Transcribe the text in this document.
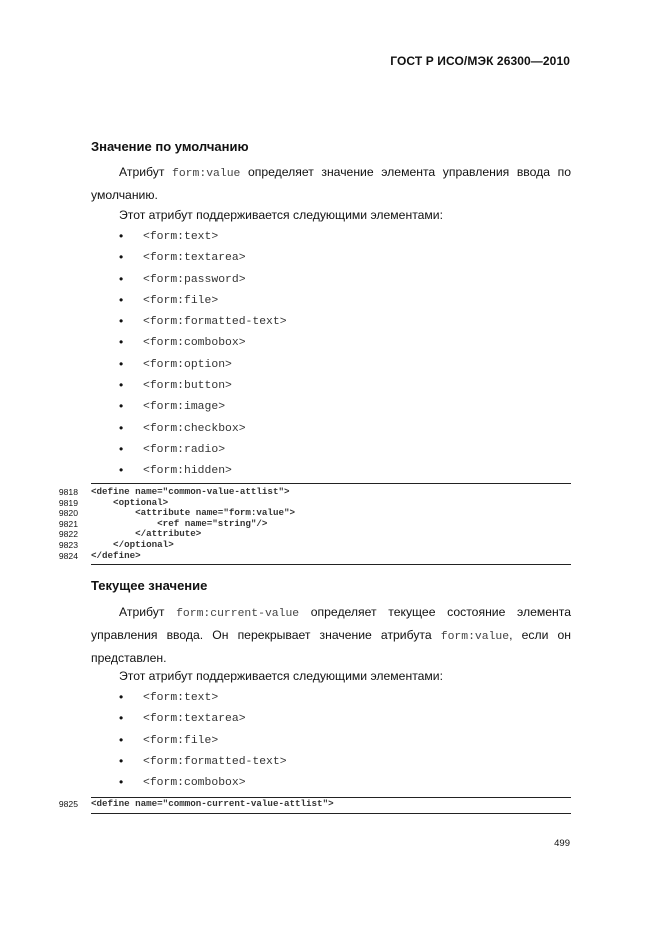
ГОСТ Р ИСО/МЭК 26300—2010
Значение по умолчанию
Атрибут form:value определяет значение элемента управления ввода по умолчанию.
Этот атрибут поддерживается следующими элементами:
• <form:text>
• <form:textarea>
• <form:password>
• <form:file>
• <form:formatted-text>
• <form:combobox>
• <form:option>
• <form:button>
• <form:image>
• <form:checkbox>
• <form:radio>
• <form:hidden>
9818 <define name="common-value-attlist">
9819 <optional>
9820 <attribute name="form:value">
9821 <ref name="string"/>
9822 </attribute>
9823 </optional>
9824 </define>
Текущее значение
Атрибут form:current-value определяет текущее состояние элемента управления ввода. Он перекрывает значение атрибута form:value, если он представлен.
Этот атрибут поддерживается следующими элементами:
• <form:text>
• <form:textarea>
• <form:file>
• <form:formatted-text>
• <form:combobox>
9825 <define name="common-current-value-attlist">
499
